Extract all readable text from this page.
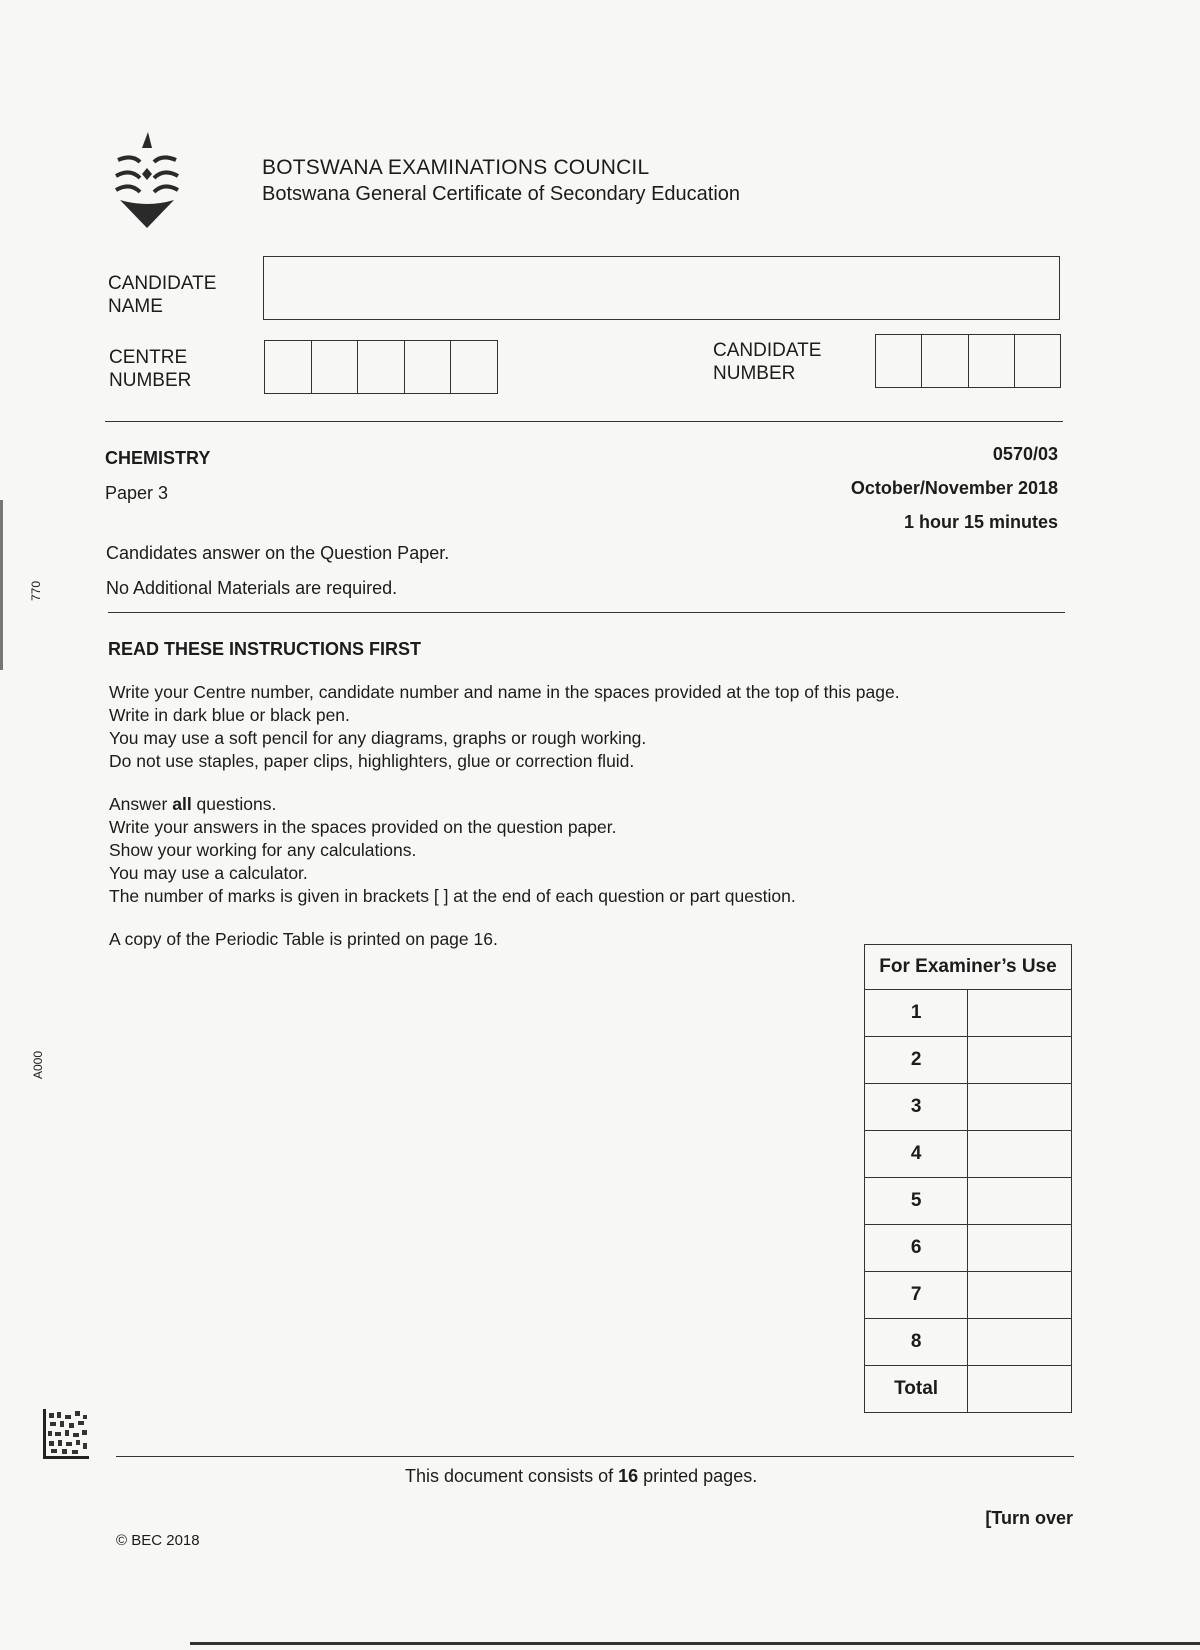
BOTSWANA EXAMINATIONS COUNCIL
Botswana General Certificate of Secondary Education
CANDIDATE
NAME
CENTRE
NUMBER
CANDIDATE
NUMBER
CHEMISTRY	0570/03
Paper 3	October/November 2018
1 hour 15 minutes
Candidates answer on the Question Paper.
No Additional Materials are required.
READ THESE INSTRUCTIONS FIRST

Write your Centre number, candidate number and name in the spaces provided at the top of this page.

Write in dark blue or black pen.

You may use a soft pencil for any diagrams, graphs or rough working.

Do not use staples, paper clips, highlighters, glue or correction fluid.

Answer all questions.

Write your answers in the spaces provided on the question paper.

Show your working for any calculations.

You may use a calculator.

The number of marks is given in brackets [ ] at the end of each question or part question.

A copy of the Periodic Table is printed on page 16.

For Examiner’s Use	
1	
2	
3	
4	
5	
6	
7	
8	
Total	
770
A000
This document consists of 16 printed pages.
© BEC 2018
[Turn over
